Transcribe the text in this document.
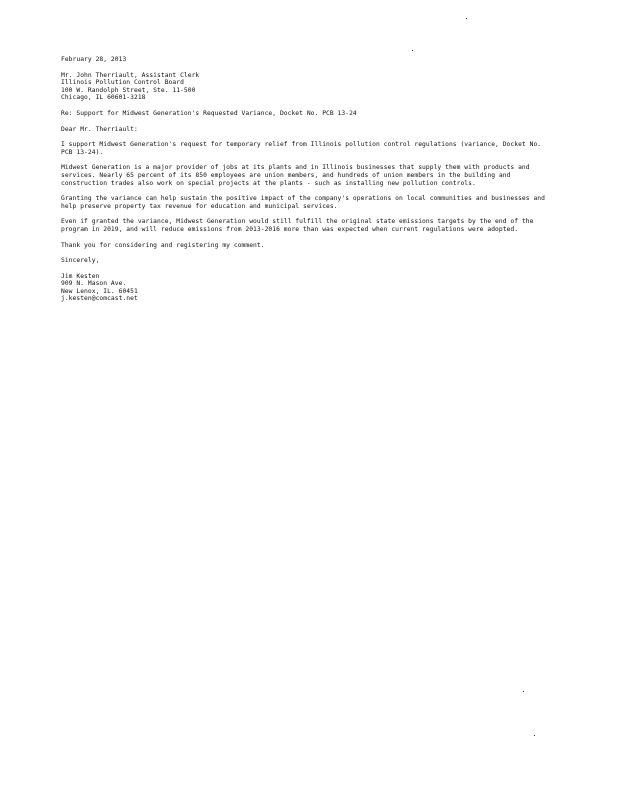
February 28, 2013
Mr. John Therriault, Assistant Clerk
Illinois Pollution Control Board
100 W. Randolph Street, Ste. 11-500
Chicago, IL 60601-3218
Re: Support for Midwest Generation's Requested Variance, Docket No. PCB 13-24
Dear Mr. Therriault:
I support Midwest Generation's request for temporary relief from Illinois pollution control regulations (variance, Docket No. PCB 13-24).
Midwest Generation is a major provider of jobs at its plants and in Illinois businesses that supply them with products and services. Nearly 65 percent of its 850 employees are union members, and hundreds of union members in the building and construction trades also work on special projects at the plants - such as installing new pollution controls.
Granting the variance can help sustain the positive impact of the company's operations on local communities and businesses and help preserve property tax revenue for education and municipal services.
Even if granted the variance, Midwest Generation would still fulfill the original state emissions targets by the end of the program in 2019, and will reduce emissions from 2013-2016 more than was expected when current regulations were adopted.
Thank you for considering and registering my comment.
Sincerely,
Jim Kesten
909 N. Mason Ave.
New Lenox, IL. 60451
j.kesten@comcast.net
